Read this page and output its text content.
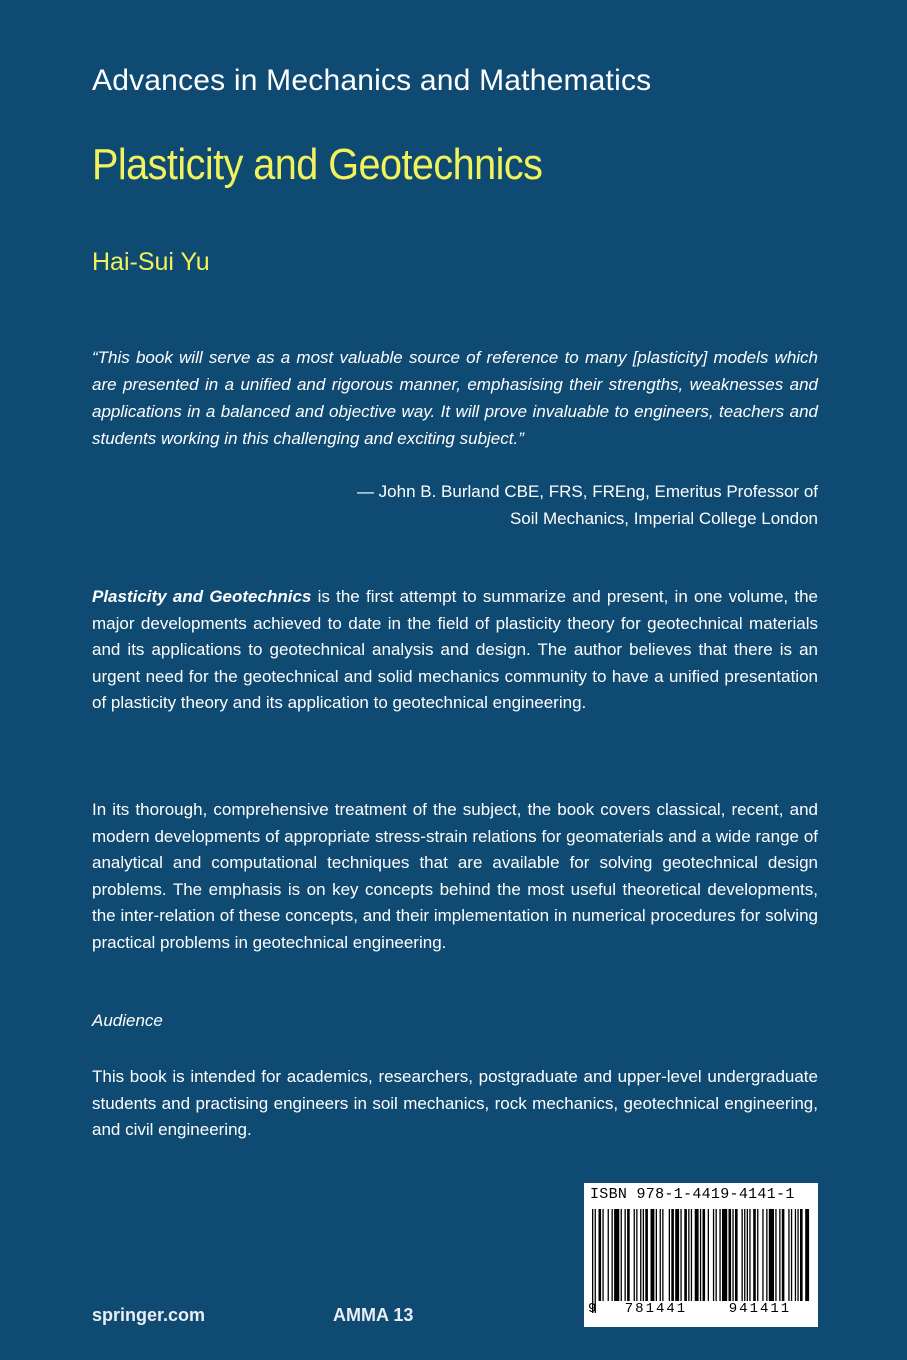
Advances in Mechanics and Mathematics
Plasticity and Geotechnics
Hai-Sui Yu

“This book will serve as a most valuable source of reference to many [plasticity] models which are presented in a unified and rigorous manner, emphasising their strengths, weaknesses and applications in a balanced and objective way. It will prove invaluable to engineers, teachers and students working in this challenging and exciting subject.”

— John B. Burland CBE, FRS, FREng, Emeritus Professor of
Soil Mechanics, Imperial College London

Plasticity and Geotechnics is the first attempt to summarize and present, in one volume, the major developments achieved to date in the field of plasticity theory for geotechnical materials and its applications to geotechnical analysis and design. The author believes that there is an urgent need for the geotechnical and solid mechanics community to have a unified presentation of plasticity theory and its application to geotechnical engineering.

In its thorough, comprehensive treatment of the subject, the book covers classical, recent, and modern developments of appropriate stress-strain relations for geomaterials and a wide range of analytical and computational techniques that are available for solving geotechnical design problems. The emphasis is on key concepts behind the most useful theoretical developments, the inter-relation of these concepts, and their implementation in numerical procedures for solving practical problems in geotechnical engineering.

Audience

This book is intended for academics, researchers, postgraduate and upper-level undergraduate students and practising engineers in soil mechanics, rock mechanics, geotechnical engineering, and civil engineering.

springer.com	AMMA 13
ISBN 978-1-4419-4141-1
9 781441	941411
